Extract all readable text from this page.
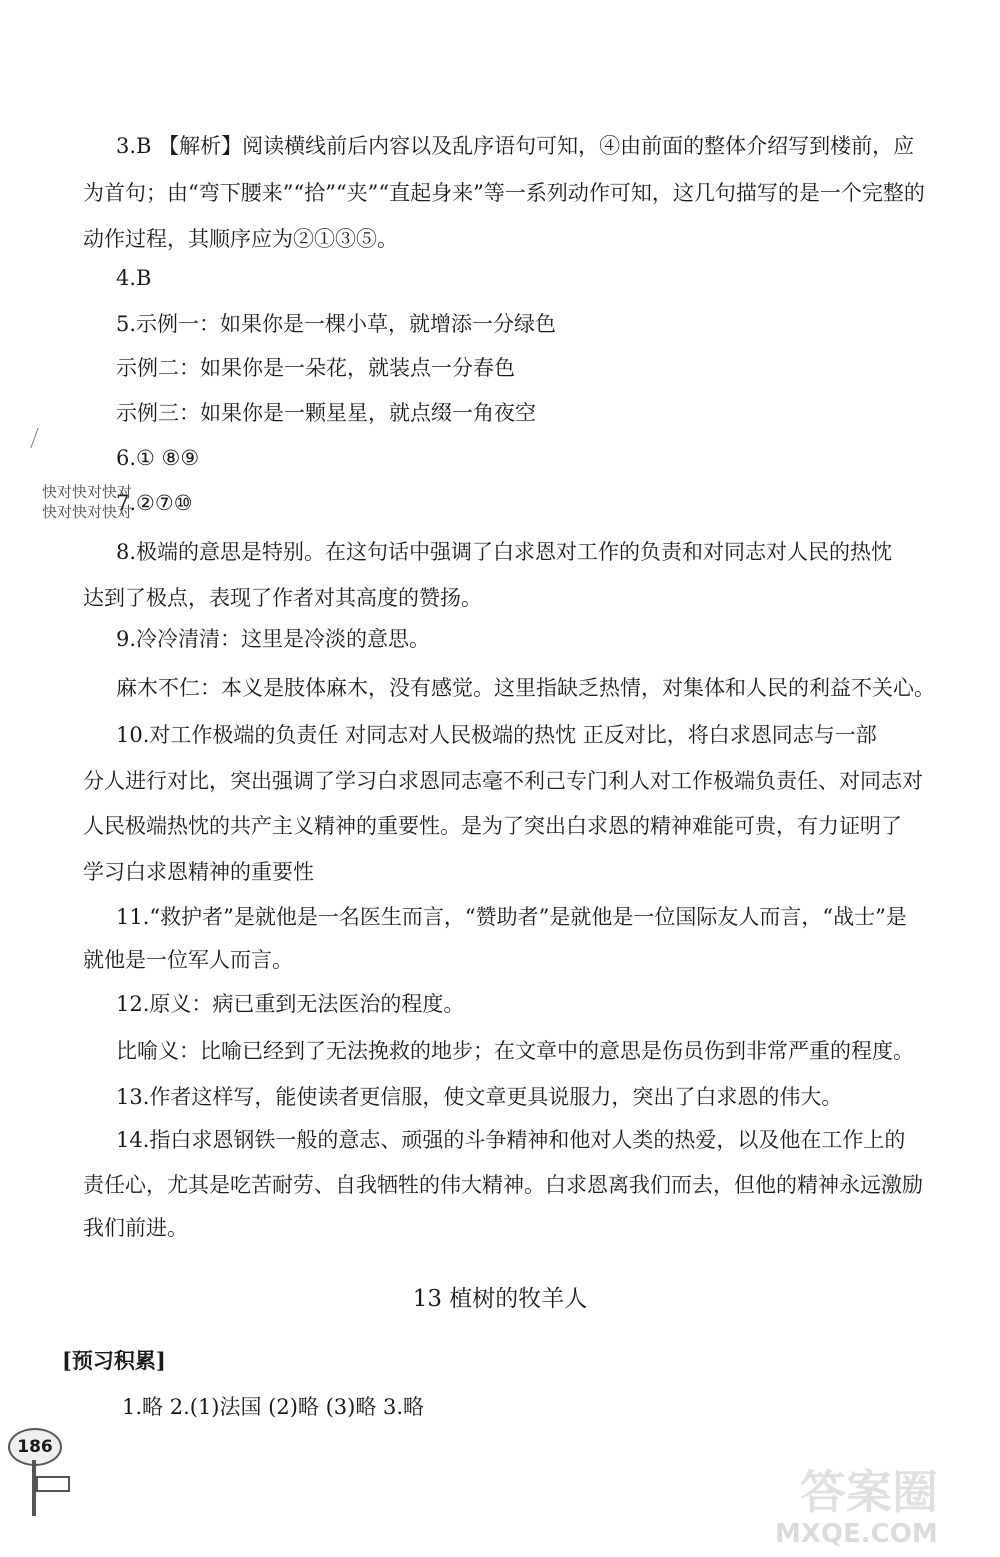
3.B 【解析】阅读横线前后内容以及乱序语句可知，④由前面的整体介绍写到楼前，应
为首句；由“弯下腰来”“拾”“夹”“直起身来”等一系列动作可知，这几句描写的是一个完整的
动作过程，其顺序应为②①③⑤。
4.B
5.示例一：如果你是一棵小草，就增添一分绿色
示例二：如果你是一朵花，就装点一分春色
示例三：如果你是一颗星星，就点缀一角夜空
6.① ⑧⑨
7.②⑦⑩
8.极端的意思是特别。在这句话中强调了白求恩对工作的负责和对同志对人民的热忱
达到了极点，表现了作者对其高度的赞扬。
9.冷冷清清：这里是冷淡的意思。
麻木不仁：本义是肢体麻木，没有感觉。这里指缺乏热情，对集体和人民的利益不关心。
10.对工作极端的负责任 对同志对人民极端的热忱 正反对比，将白求恩同志与一部
分人进行对比，突出强调了学习白求恩同志毫不利己专门利人对工作极端负责任、对同志对
人民极端热忱的共产主义精神的重要性。是为了突出白求恩的精神难能可贵，有力证明了
学习白求恩精神的重要性
11.“救护者”是就他是一名医生而言，“赞助者”是就他是一位国际友人而言，“战士”是
就他是一位军人而言。
12.原义：病已重到无法医治的程度。
比喻义：比喻已经到了无法挽救的地步；在文章中的意思是伤员伤到非常严重的程度。
13.作者这样写，能使读者更信服，使文章更具说服力，突出了白求恩的伟大。
14.指白求恩钢铁一般的意志、顽强的斗争精神和他对人类的热爱，以及他在工作上的
责任心，尤其是吃苦耐劳、自我牺牲的伟大精神。白求恩离我们而去，但他的精神永远激励
我们前进。
13 植树的牧羊人
[预习积累]
1.略 2.(1)法国 (2)略 (3)略 3.略
快对快对快对
快对快对快对
186
答案圈
MXQE.COM
